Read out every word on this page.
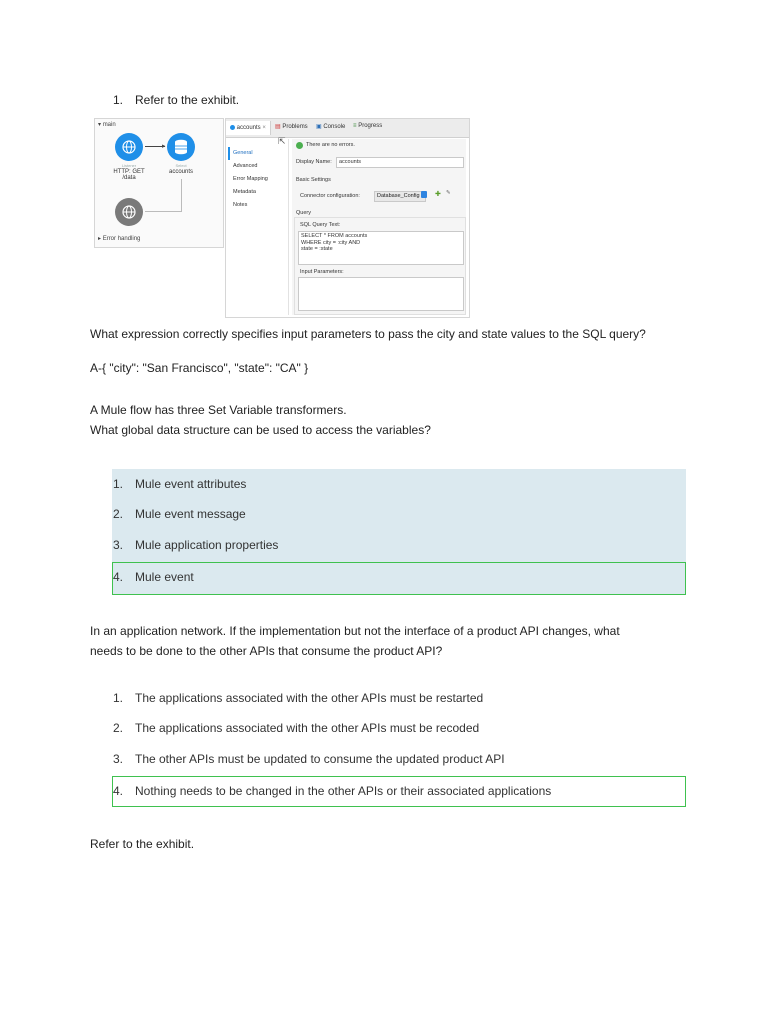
1. Refer to the exhibit.
▾ main
▸
Listener
HTTP: GET /data
Select
accounts
▸ Error handling
accounts ×	▤ Problems ▣ Console ≡ Progress
General
Advanced
Error Mapping
Metadata
Notes
⇱	There are no errors.
Display Name:	accounts
Basic Settings
Connector configuration:	Database_Config	✚ ✎
Query
SQL Query Text:
SELECT * FROM accounts
WHERE city = :city AND
state = :state
Input Parameters:
What expression correctly specifies input parameters to pass the city and state values to the SQL query?
A-{ "city": "San Francisco", "state": "CA" }
A Mule flow has three Set Variable transformers.
What global data structure can be used to access the variables?
1. Mule event attributes
2. Mule event message
3. Mule application properties
4. Mule event
In an application network. If the implementation but not the interface of a product API changes, what
needs to be done to the other APIs that consume the product API?
1. The applications associated with the other APIs must be restarted
2. The applications associated with the other APIs must be recoded
3. The other APIs must be updated to consume the updated product API
4. Nothing needs to be changed in the other APIs or their associated applications
Refer to the exhibit.
